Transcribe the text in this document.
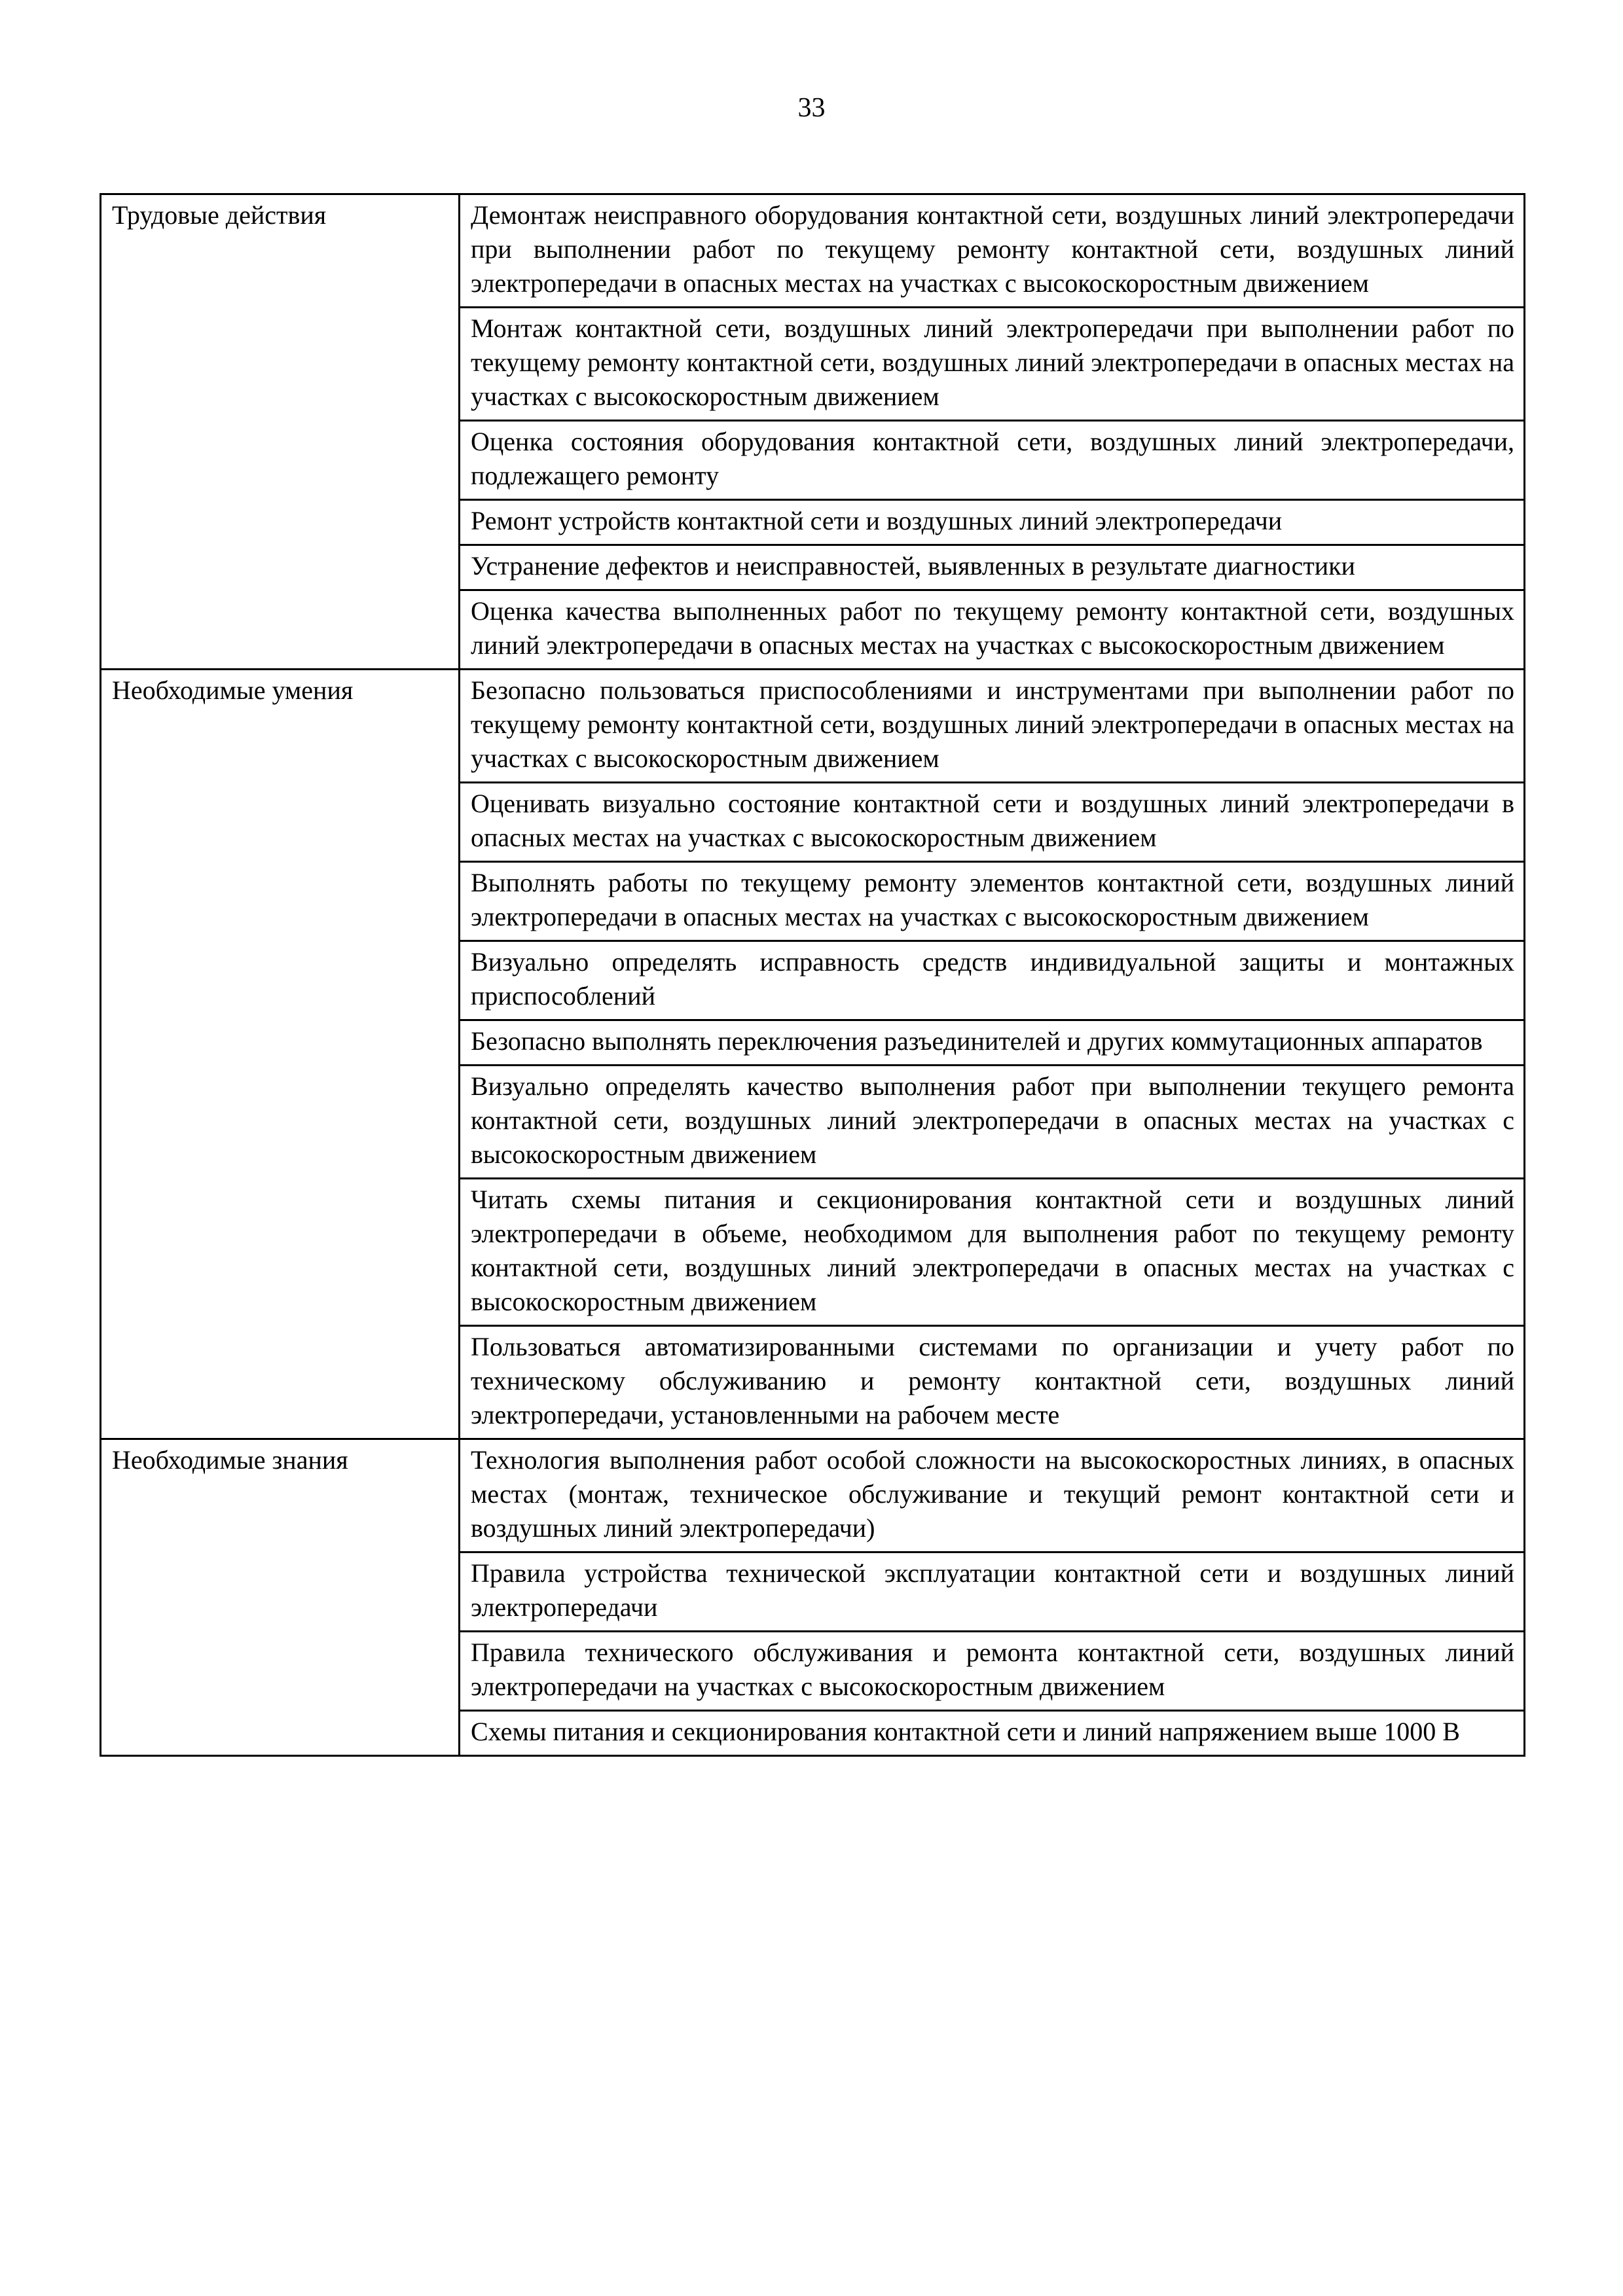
33
Трудовые действия	Демонтаж неисправного оборудования контактной сети, воздушных линий электропередачи при выполнении работ по текущему ремонту контактной сети, воздушных линий электропередачи в опасных местах на участках с высокоскоростным движением
	Монтаж контактной сети, воздушных линий электропередачи при выполнении работ по текущему ремонту контактной сети, воздушных линий электропередачи в опасных местах на участках с высокоскоростным движением
	Оценка состояния оборудования контактной сети, воздушных линий электропередачи, подлежащего ремонту
	Ремонт устройств контактной сети и воздушных линий электропередачи
	Устранение дефектов и неисправностей, выявленных в результате диагностики
	Оценка качества выполненных работ по текущему ремонту контактной сети, воздушных линий электропередачи в опасных местах на участках с высокоскоростным движением
Необходимые умения	Безопасно пользоваться приспособлениями и инструментами при выполнении работ по текущему ремонту контактной сети, воздушных линий электропередачи в опасных местах на участках с высокоскоростным движением
	Оценивать визуально состояние контактной сети и воздушных линий электропередачи в опасных местах на участках с высокоскоростным движением
	Выполнять работы по текущему ремонту элементов контактной сети, воздушных линий электропередачи в опасных местах на участках с высокоскоростным движением
	Визуально определять исправность средств индивидуальной защиты и монтажных приспособлений
	Безопасно выполнять переключения разъединителей и других коммутационных аппаратов
	Визуально определять качество выполнения работ при выполнении текущего ремонта контактной сети, воздушных линий электропередачи в опасных местах на участках с высокоскоростным движением
	Читать схемы питания и секционирования контактной сети и воздушных линий электропередачи в объеме, необходимом для выполнения работ по текущему ремонту контактной сети, воздушных линий электропередачи в опасных местах на участках с высокоскоростным движением
	Пользоваться автоматизированными системами по организации и учету работ по техническому обслуживанию и ремонту контактной сети, воздушных линий электропередачи, установленными на рабочем месте
Необходимые знания	Технология выполнения работ особой сложности на высокоскоростных линиях, в опасных местах (монтаж, техническое обслуживание и текущий ремонт контактной сети и воздушных линий электропередачи)
	Правила устройства технической эксплуатации контактной сети и воздушных линий электропередачи
	Правила технического обслуживания и ремонта контактной сети, воздушных линий электропередачи на участках с высокоскоростным движением
	Схемы питания и секционирования контактной сети и линий напряжением выше 1000 В
